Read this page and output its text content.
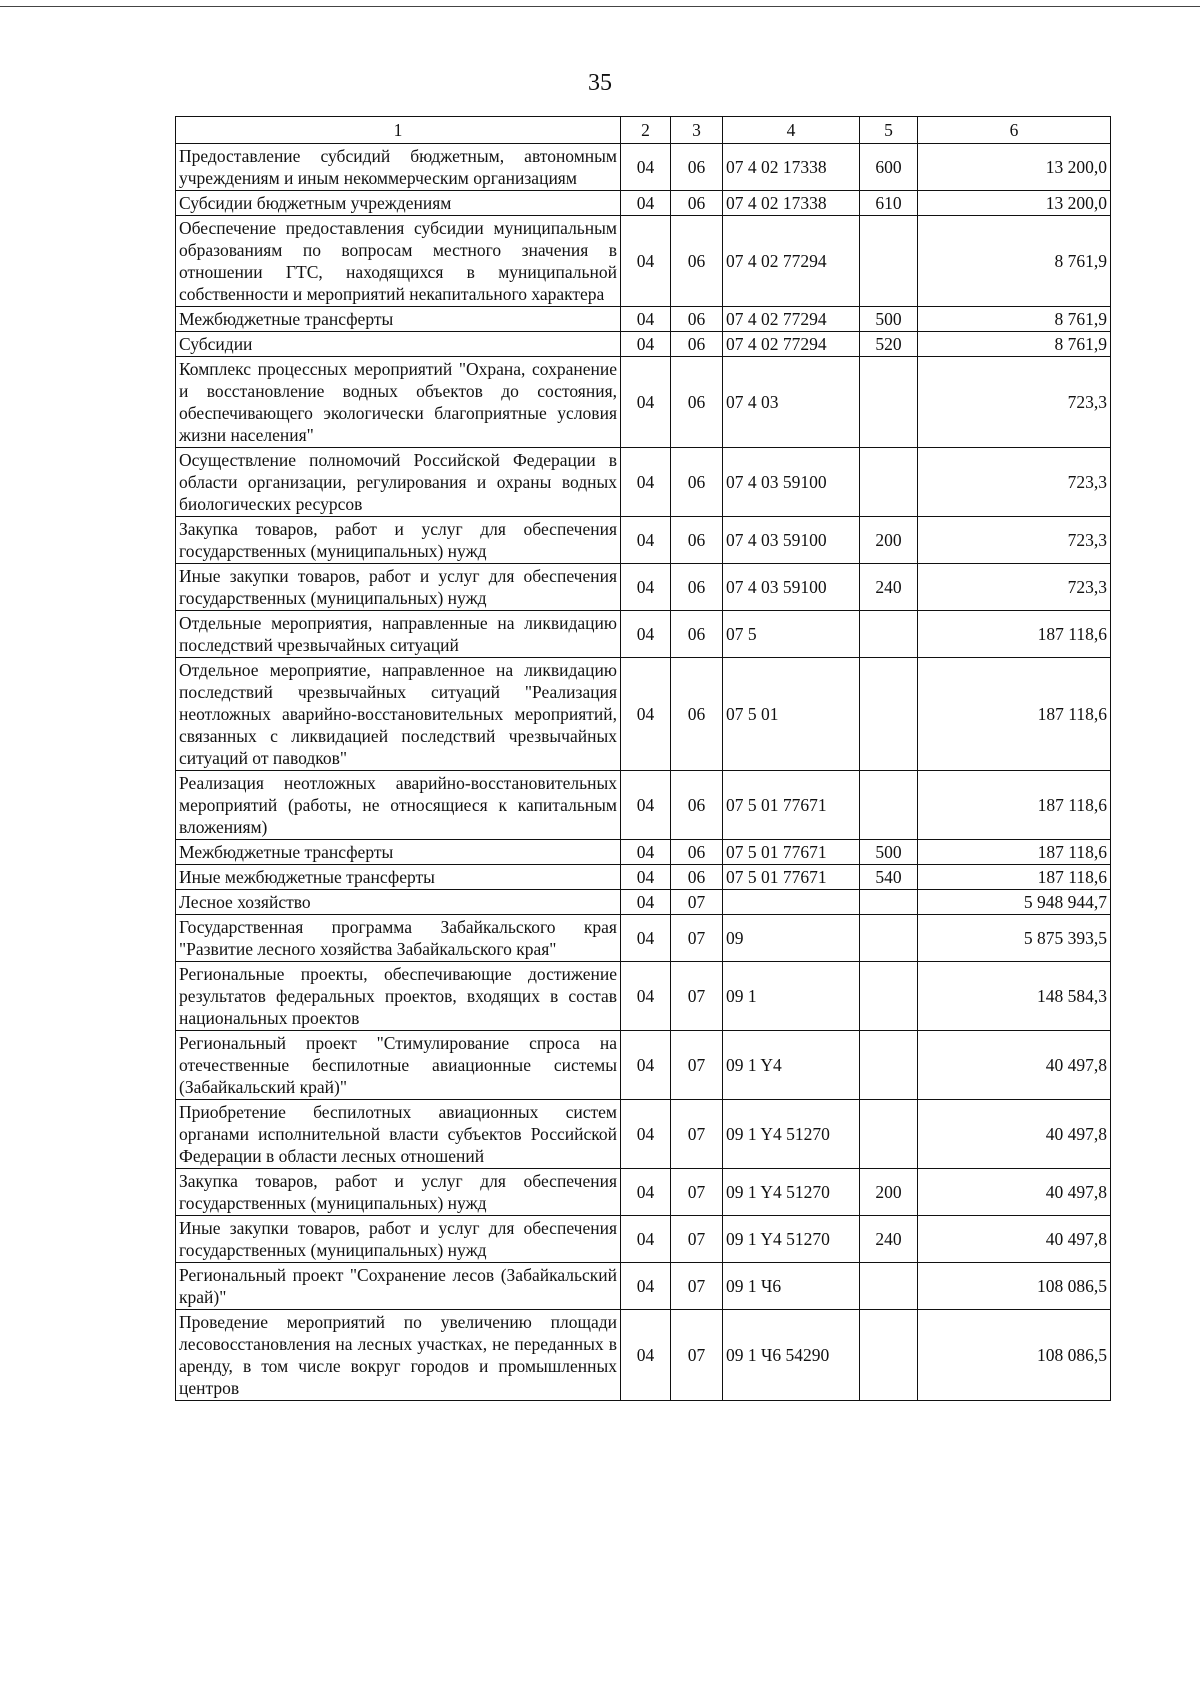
35
1	2	3	4	5	6
Предоставление субсидий бюджетным, автономным учреждениям и иным некоммерческим организациям	04	06	07 4 02 17338	600	13 200,0
Субсидии бюджетным учреждениям	04	06	07 4 02 17338	610	13 200,0
Обеспечение предоставления субсидии муниципальным образованиям по вопросам местного значения в отношении ГТС, находящихся в муниципальной собственности и мероприятий некапитального характера	04	06	07 4 02 77294		8 761,9
Межбюджетные трансферты	04	06	07 4 02 77294	500	8 761,9
Субсидии	04	06	07 4 02 77294	520	8 761,9
Комплекс процессных мероприятий "Охрана, сохранение и восстановление водных объектов до состояния, обеспечивающего экологически благоприятные условия жизни населения"	04	06	07 4 03		723,3
Осуществление полномочий Российской Федерации в области организации, регулирования и охраны водных биологических ресурсов	04	06	07 4 03 59100		723,3
Закупка товаров, работ и услуг для обеспечения государственных (муниципальных) нужд	04	06	07 4 03 59100	200	723,3
Иные закупки товаров, работ и услуг для обеспечения государственных (муниципальных) нужд	04	06	07 4 03 59100	240	723,3
Отдельные мероприятия, направленные на ликвидацию последствий чрезвычайных ситуаций	04	06	07 5		187 118,6
Отдельное мероприятие, направленное на ликвидацию последствий чрезвычайных ситуаций "Реализация неотложных аварийно-восстановительных мероприятий, связанных с ликвидацией последствий чрезвычайных ситуаций от паводков"	04	06	07 5 01		187 118,6
Реализация неотложных аварийно-восстановительных мероприятий (работы, не относящиеся к капитальным вложениям)	04	06	07 5 01 77671		187 118,6
Межбюджетные трансферты	04	06	07 5 01 77671	500	187 118,6
Иные межбюджетные трансферты	04	06	07 5 01 77671	540	187 118,6
Лесное хозяйство	04	07			5 948 944,7
Государственная программа Забайкальского края "Развитие лесного хозяйства Забайкальского края"	04	07	09		5 875 393,5
Региональные проекты, обеспечивающие достижение результатов федеральных проектов, входящих в состав национальных проектов	04	07	09 1		148 584,3
Региональный проект "Стимулирование спроса на отечественные беспилотные авиационные системы (Забайкальский край)"	04	07	09 1 Y4		40 497,8
Приобретение беспилотных авиационных систем органами исполнительной власти субъектов Российской Федерации в области лесных отношений	04	07	09 1 Y4 51270		40 497,8
Закупка товаров, работ и услуг для обеспечения государственных (муниципальных) нужд	04	07	09 1 Y4 51270	200	40 497,8
Иные закупки товаров, работ и услуг для обеспечения государственных (муниципальных) нужд	04	07	09 1 Y4 51270	240	40 497,8
Региональный проект "Сохранение лесов (Забайкальский край)"	04	07	09 1 Ч6		108 086,5
Проведение мероприятий по увеличению площади лесовосстановления на лесных участках, не переданных в аренду, в том числе вокруг городов и промышленных центров	04	07	09 1 Ч6 54290		108 086,5
